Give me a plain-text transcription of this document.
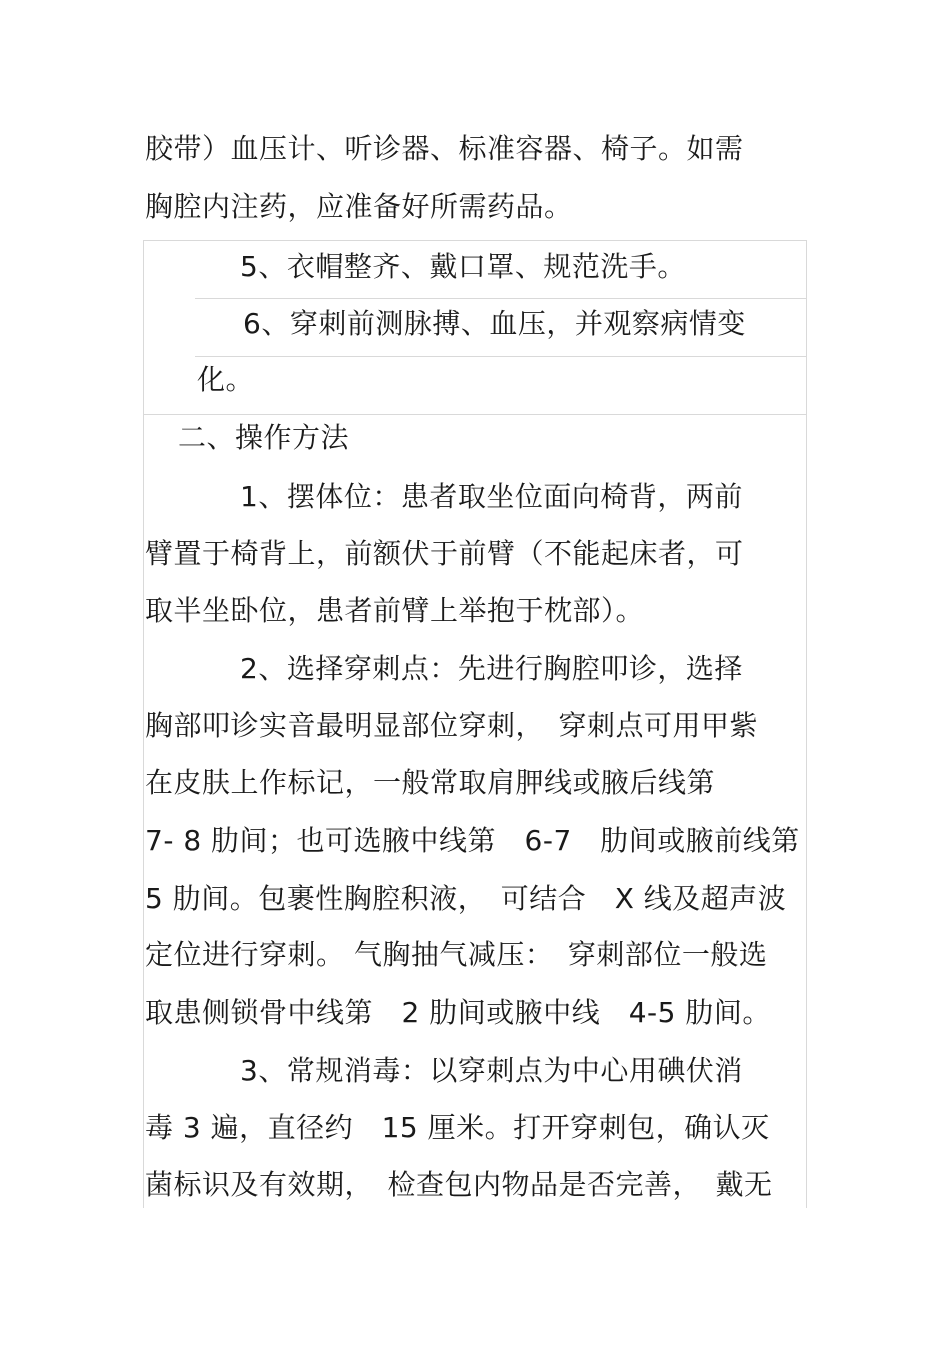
胶带）血压计、听诊器、标准容器、椅子。如需
胸腔内注药，应准备好所需药品。
5、衣帽整齐、戴口罩、规范洗手。
6、穿刺前测脉搏、血压，并观察病情变
化。
二、操作方法
1、摆体位：患者取坐位面向椅背，两前
臂置于椅背上，前额伏于前臂（不能起床者，可
取半坐卧位，患者前臂上举抱于枕部）。
2、选择穿刺点：先进行胸腔叩诊，选择
胸部叩诊实音最明显部位穿刺，　穿刺点可用甲紫
在皮肤上作标记，一般常取肩胛线或腋后线第
7- 8 肋间；也可选腋中线第　6-7　肋间或腋前线第
5 肋间。包裹性胸腔积液，　可结合　X 线及超声波
定位进行穿刺。 气胸抽气减压：　穿刺部位一般选
取患侧锁骨中线第　2 肋间或腋中线　4-5 肋间。
3、常规消毒：以穿刺点为中心用碘伏消
毒 3 遍，直径约　15 厘米。打开穿刺包，确认灭
菌标识及有效期，　检查包内物品是否完善，　戴无
